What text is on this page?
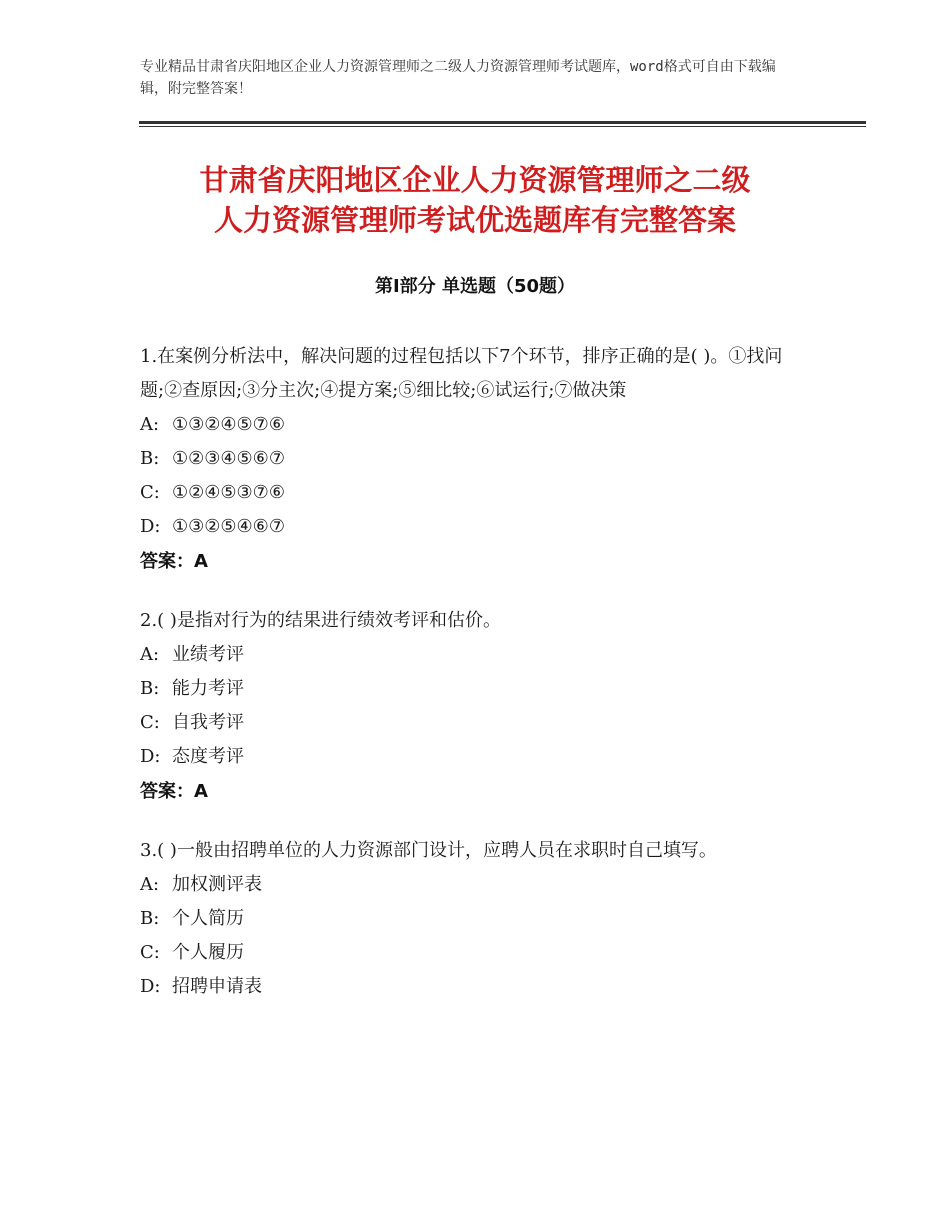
专业精品甘肃省庆阳地区企业人力资源管理师之二级人力资源管理师考试题库，word格式可自由下载编辑，附完整答案！
甘肃省庆阳地区企业人力资源管理师之二级
人力资源管理师考试优选题库有完整答案
第Ⅰ部分 单选题（50题）

1.在案例分析法中，解决问题的过程包括以下7个环节，排序正确的是( )。①找问题;②查原因;③分主次;④提方案;⑤细比较;⑥试运行;⑦做决策

A: ①③②④⑤⑦⑥

B: ①②③④⑤⑥⑦

C: ①②④⑤③⑦⑥

D: ①③②⑤④⑥⑦

答案：A

2.( )是指对行为的结果进行绩效考评和估价。

A: 业绩考评

B: 能力考评

C: 自我考评

D: 态度考评

答案：A

3.( )一般由招聘单位的人力资源部门设计，应聘人员在求职时自己填写。

A: 加权测评表

B: 个人简历

C: 个人履历

D: 招聘申请表
